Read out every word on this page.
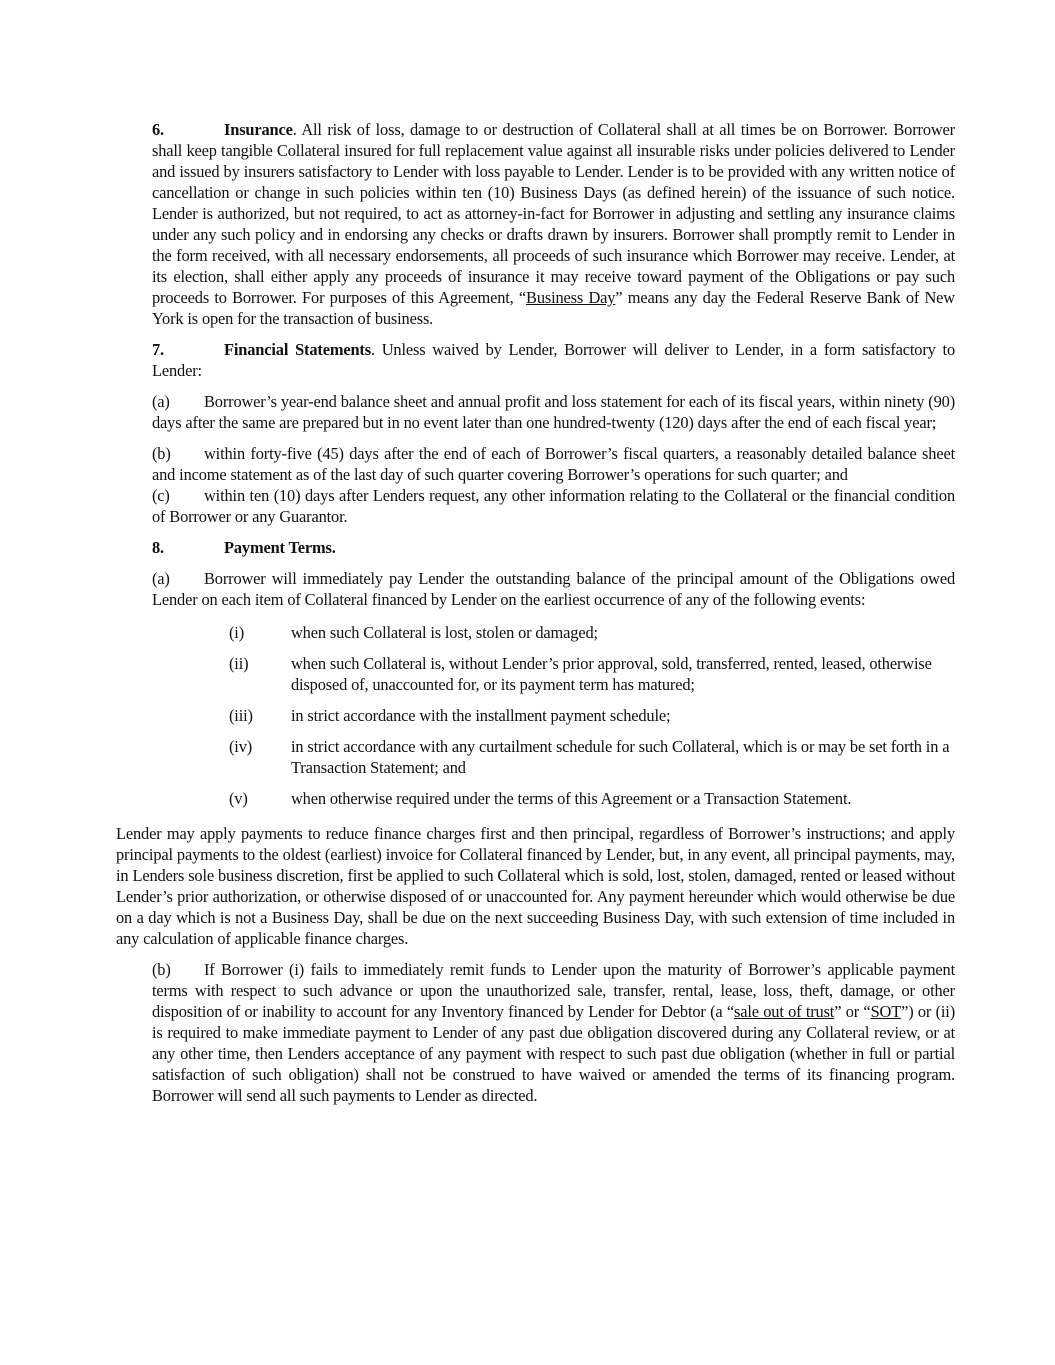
6.	Insurance. All risk of loss, damage to or destruction of Collateral shall at all times be on Borrower. Borrower shall keep tangible Collateral insured for full replacement value against all insurable risks under policies delivered to Lender and issued by insurers satisfactory to Lender with loss payable to Lender. Lender is to be provided with any written notice of cancellation or change in such policies within ten (10) Business Days (as defined herein) of the issuance of such notice. Lender is authorized, but not required, to act as attorney-in-fact for Borrower in adjusting and settling any insurance claims under any such policy and in endorsing any checks or drafts drawn by insurers. Borrower shall promptly remit to Lender in the form received, with all necessary endorsements, all proceeds of such insurance which Borrower may receive. Lender, at its election, shall either apply any proceeds of insurance it may receive toward payment of the Obligations or pay such proceeds to Borrower. For purposes of this Agreement, “Business Day” means any day the Federal Reserve Bank of New York is open for the transaction of business.

7.	Financial Statements. Unless waived by Lender, Borrower will deliver to Lender, in a form satisfactory to Lender:

(a) Borrower’s year-end balance sheet and annual profit and loss statement for each of its fiscal years, within ninety (90) days after the same are prepared but in no event later than one hundred-twenty (120) days after the end of each fiscal year;

(b) within forty-five (45) days after the end of each of Borrower’s fiscal quarters, a reasonably detailed balance sheet and income statement as of the last day of such quarter covering Borrower’s operations for such quarter; and

(c) within ten (10) days after Lenders request, any other information relating to the Collateral or the financial condition of Borrower or any Guarantor.

8.	Payment Terms.

(a) Borrower will immediately pay Lender the outstanding balance of the principal amount of the Obligations owed Lender on each item of Collateral financed by Lender on the earliest occurrence of any of the following events:

(i)	when such Collateral is lost, stolen or damaged;
(ii)	when such Collateral is, without Lender’s prior approval, sold, transferred, rented, leased, otherwise disposed of, unaccounted for, or its payment term has matured;
(iii)	in strict accordance with the installment payment schedule;
(iv)	in strict accordance with any curtailment schedule for such Collateral, which is or may be set forth in a Transaction Statement; and
(v)	when otherwise required under the terms of this Agreement or a Transaction Statement.

Lender may apply payments to reduce finance charges first and then principal, regardless of Borrower’s instructions; and apply principal payments to the oldest (earliest) invoice for Collateral financed by Lender, but, in any event, all principal payments, may, in Lenders sole business discretion, first be applied to such Collateral which is sold, lost, stolen, damaged, rented or leased without Lender’s prior authorization, or otherwise disposed of or unaccounted for. Any payment hereunder which would otherwise be due on a day which is not a Business Day, shall be due on the next succeeding Business Day, with such extension of time included in any calculation of applicable finance charges.

(b) If Borrower (i) fails to immediately remit funds to Lender upon the maturity of Borrower’s applicable payment terms with respect to such advance or upon the unauthorized sale, transfer, rental, lease, loss, theft, damage, or other disposition of or inability to account for any Inventory financed by Lender for Debtor (a “sale out of trust” or “SOT”) or (ii) is required to make immediate payment to Lender of any past due obligation discovered during any Collateral review, or at any other time, then Lenders acceptance of any payment with respect to such past due obligation (whether in full or partial satisfaction of such obligation) shall not be construed to have waived or amended the terms of its financing program. Borrower will send all such payments to Lender as directed.
